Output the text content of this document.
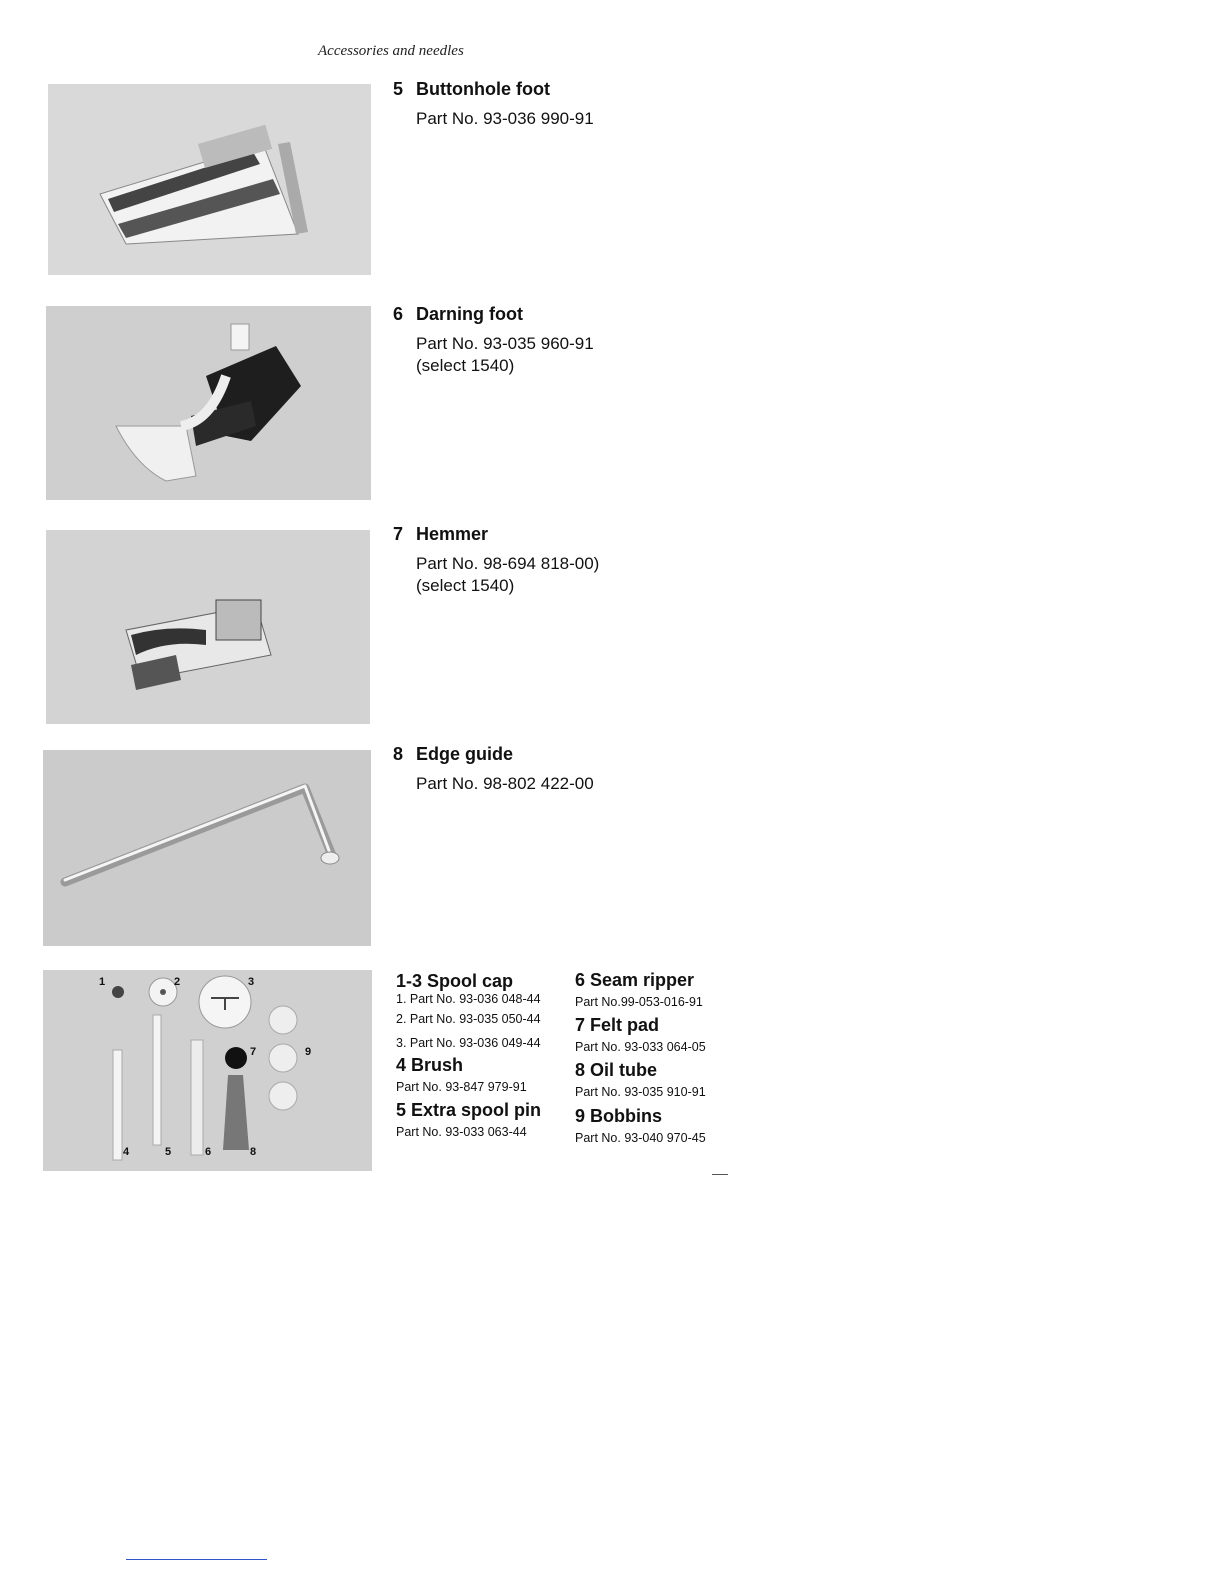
Accessories and needles
5 Buttonhole foot
Part No. 93-036 990-91
6 Darning foot
Part No. 93-035 960-91
(select 1540)
7 Hemmer
Part No. 98-694 818-00)
(select 1540)
8 Edge guide
Part No. 98-802 422-00
1	2	3
4	5	6
7
8
9
1-3 Spool cap
1. Part No. 93-036 048-44
2. Part No. 93-035 050-44
3. Part No. 93-036 049-44
4 Brush
Part No. 93-847 979-91
5 Extra spool pin
Part No. 93-033 063-44
6 Seam ripper
Part No.99-053-016-91
7 Felt pad
Part No. 93-033 064-05
8 Oil tube
Part No. 93-035 910-91
9 Bobbins
Part No. 93-040 970-45
